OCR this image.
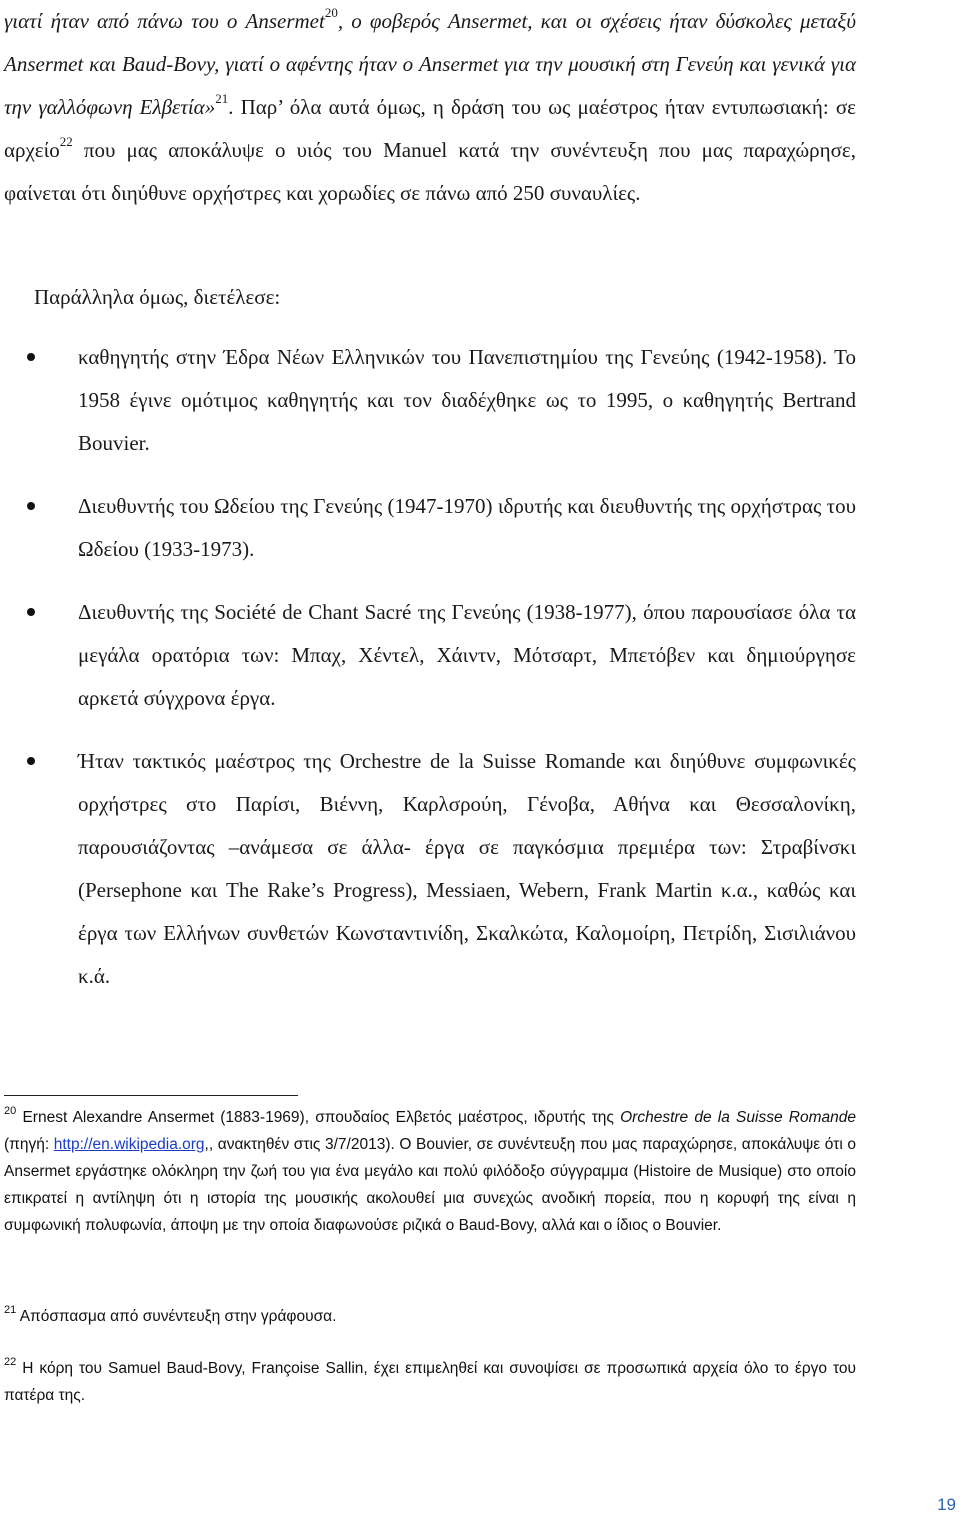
γιατί ήταν από πάνω του ο Ansermet$^{20}$, ο φοβερός Ansermet, και οι σχέσεις ήταν δύσκολες μεταξύ Ansermet και Baud-Bovy, γιατί ο αφέντης ήταν ο Ansermet για την μουσική στη Γενεύη και γενικά για την γαλλόφωνη Ελβετία»$^{21}$. Παρ’ όλα αυτά όμως, η δράση του ως μαέστρος ήταν εντυπωσιακή: σε αρχείο$^{22}$ που μας αποκάλυψε ο υιός του Manuel κατά την συνέντευξη που μας παραχώρησε, φαίνεται ότι διηύθυνε ορχήστρες και χορωδίες σε πάνω από 250 συναυλίες.

Παράλληλα όμως, διετέλεσε:

καθηγητής στην Έδρα Νέων Ελληνικών του Πανεπιστημίου της Γενεύης (1942-1958). Το 1958 έγινε ομότιμος καθηγητής και τον διαδέχθηκε ως το 1995, ο καθηγητής Bertrand Bouvier.
Διευθυντής του Ωδείου της Γενεύης (1947-1970) ιδρυτής και διευθυντής της ορχήστρας του Ωδείου (1933-1973).
Διευθυντής της Société de Chant Sacré της Γενεύης (1938-1977), όπου παρουσίασε όλα τα μεγάλα ορατόρια των: Μπαχ, Χέντελ, Χάιντν, Μότσαρτ, Μπετόβεν και δημιούργησε αρκετά σύγχρονα έργα.
Ήταν τακτικός μαέστρος της Orchestre de la Suisse Romande και διηύθυνε συμφωνικές ορχήστρες στο Παρίσι, Βιέννη, Καρλσρούη, Γένοβα, Αθήνα και Θεσσαλονίκη, παρουσιάζοντας –ανάμεσα σε άλλα- έργα σε παγκόσμια πρεμιέρα των: Στραβίνσκι (Persephone και The Rake’s Progress), Messiaen, Webern, Frank Martin κ.α., καθώς και έργα των Ελλήνων συνθετών Κωνσταντινίδη, Σκαλκώτα, Καλομοίρη, Πετρίδη, Σισιλιάνου κ.ά.

$^{20}$ Ernest Alexandre Ansermet (1883-1969), σπουδαίος Ελβετός μαέστρος, ιδρυτής της Orchestre de la Suisse Romande (πηγή: http://en.wikipedia.org,, ανακτηθέν στις 3/7/2013). Ο Bouvier, σε συνέντευξη που μας παραχώρησε, αποκάλυψε ότι ο Ansermet εργάστηκε ολόκληρη την ζωή του για ένα μεγάλο και πολύ φιλόδοξο σύγγραμμα (Histoire de Musique) στο οποίο επικρατεί η αντίληψη ότι η ιστορία της μουσικής ακολουθεί μια συνεχώς ανοδική πορεία, που η κορυφή της είναι η συμφωνική πολυφωνία, άποψη με την οποία διαφωνούσε ριζικά ο Baud-Bovy, αλλά και ο ίδιος ο Bouvier.

$^{21}$ Απόσπασμα από συνέντευξη στην γράφουσα.

$^{22}$ Η κόρη του Samuel Baud-Bovy, Françoise Sallin, έχει επιμεληθεί και συνοψίσει σε προσωπικά αρχεία όλο το έργο του πατέρα της.

19
